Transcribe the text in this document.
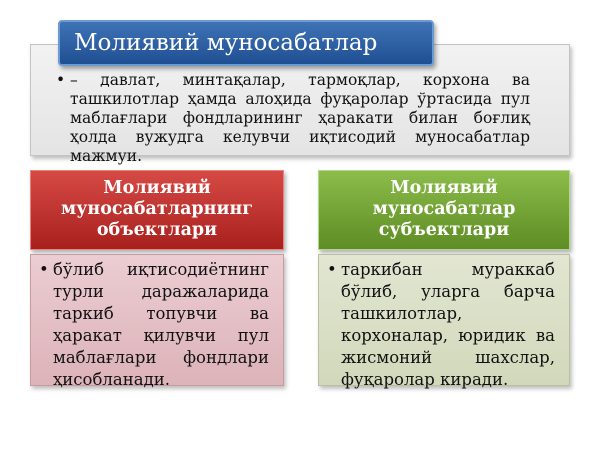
Молиявий муносабатлар
• – давлат, минтақалар, тармоқлар, корхона ва ташкилотлар ҳамда алоҳида фуқаролар ўртасида пул маблағлари фондларининг ҳаракати билан боғлиқ ҳолда вужудга келувчи иқтисодий муносабатлар мажмуи.
Молиявий муносабатларнинг объектлари
• бўлиб иқтисодиётнинг турли даражаларида таркиб топувчи ва ҳаракат қилувчи пул маблағлари фондлари ҳисобланади.
Молиявий муносабатлар субъектлари
• таркибан мураккаб бўлиб, уларга барча ташкилотлар, корхоналар, юридик ва жисмоний шахслар, фуқаролар киради.
